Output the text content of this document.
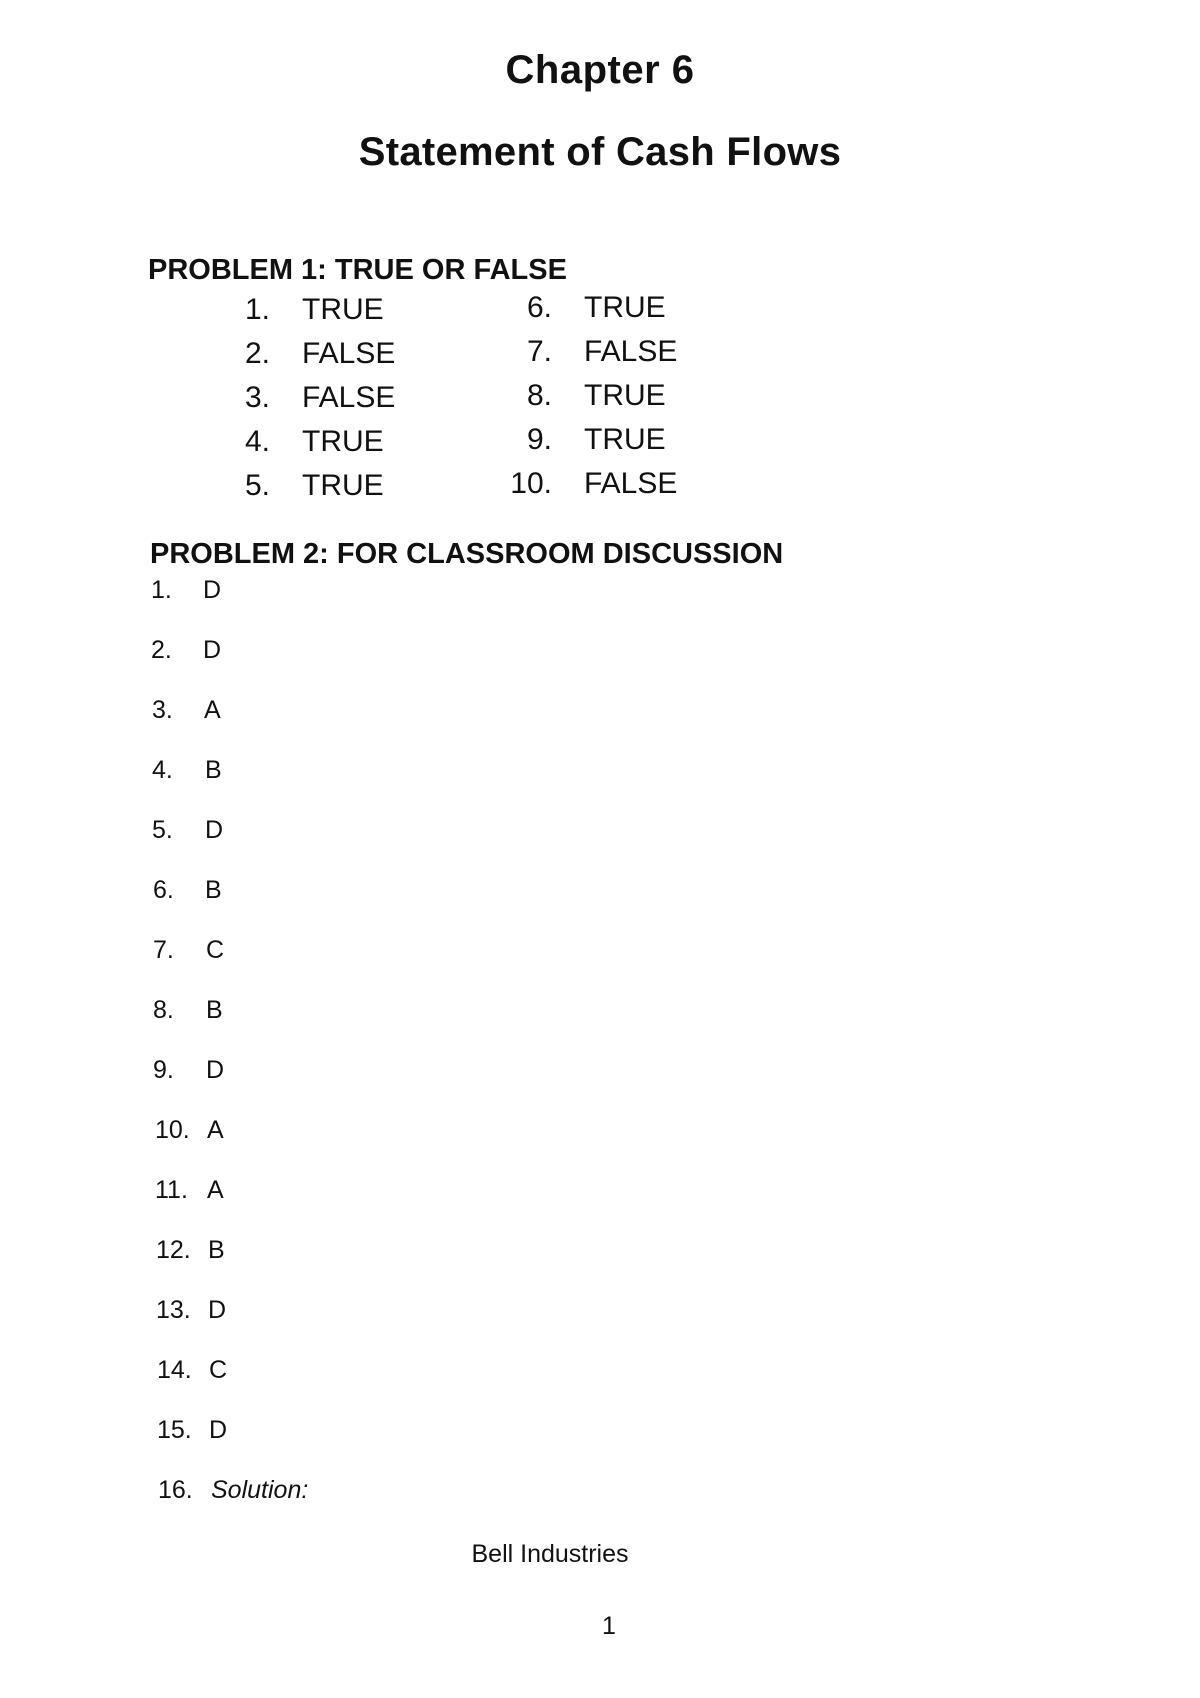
Chapter 6
Statement of Cash Flows
PROBLEM 1: TRUE OR FALSE
1. TRUE
2. FALSE
3. FALSE
4. TRUE
5. TRUE
6. TRUE
7. FALSE
8. TRUE
9. TRUE
10. FALSE
PROBLEM 2: FOR CLASSROOM DISCUSSION
1.	D
2.	D
3.	A
4.	B
5.	D
6.	B
7.	C
8.	B
9.	D
10. A
11. A
12. B
13. D
14. C
15. D
16. Solution:
Bell Industries
1
